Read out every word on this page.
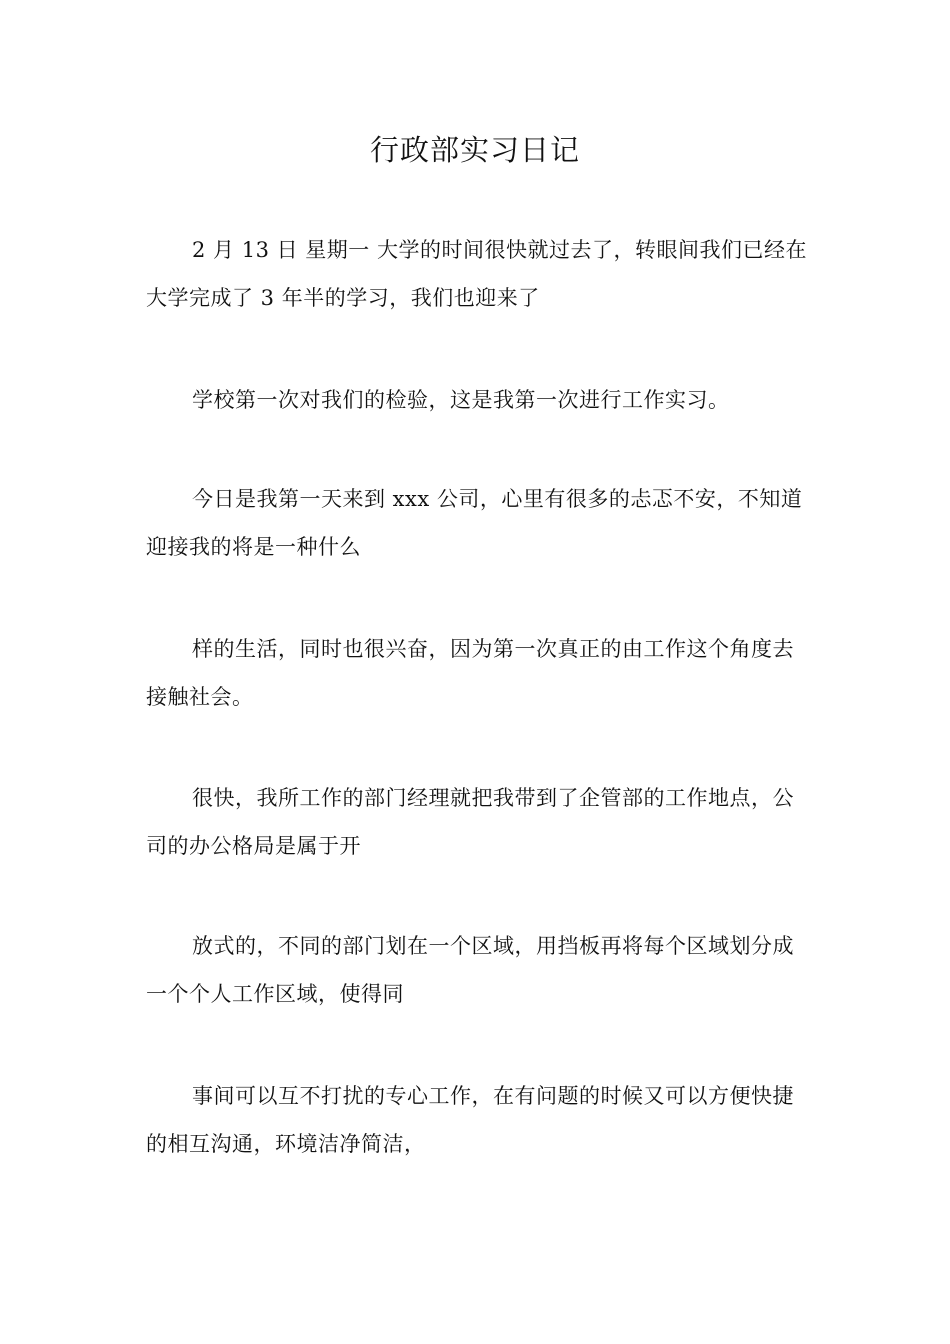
行政部实习日记

2 月 13 日 星期一 大学的时间很快就过去了，转眼间我们已经在大学完成了 3 年半的学习，我们也迎来了

学校第一次对我们的检验，这是我第一次进行工作实习。

今日是我第一天来到 xxx 公司，心里有很多的忐忑不安，不知道迎接我的将是一种什么

样的生活，同时也很兴奋，因为第一次真正的由工作这个角度去接触社会。

很快，我所工作的部门经理就把我带到了企管部的工作地点，公司的办公格局是属于开

放式的，不同的部门划在一个区域，用挡板再将每个区域划分成一个个人工作区域，使得同

事间可以互不打扰的专心工作，在有问题的时候又可以方便快捷的相互沟通，环境洁净简洁，
